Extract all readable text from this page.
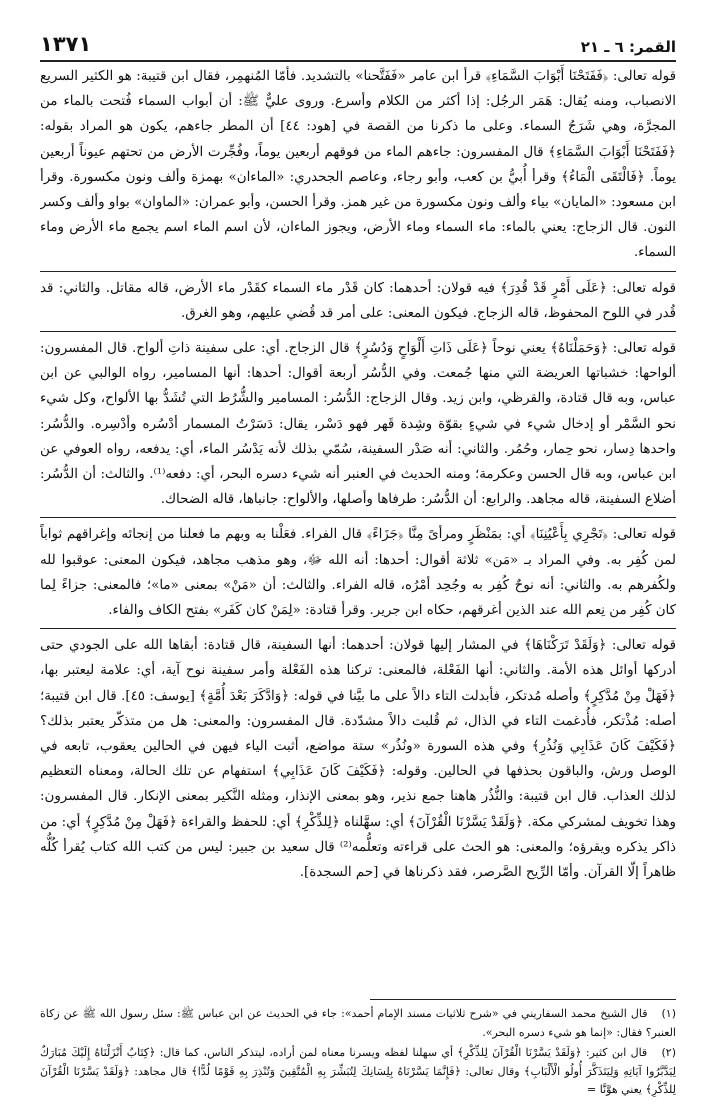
١٣٧١	القمر: ٦ ـ ٢١

قوله تعالى: ﴿فَفَتَحْنَا أَبْوَابَ السَّمَاءِ﴾ قرأ ابن عامر «فَفَتَّحنا» بالتشديد. فأمّا المُنهمِر، فقال ابن قتيبة: هو الكثير السريع الانصباب، ومنه يُقال: هَمَر الرجُل: إذا أكثر من الكلام وأسرع. وروى عليٌّ ﷺ: أن أبواب السماء فُتحت بالماء من المجرَّة، وهي شَرَجُ السماء. وعلى ما ذكرنا من القصة في [هود: ٤٤] أن المطر جاءهم، يكون هو المراد بقوله: ﴿فَفَتَحْنَا أَبْوَابَ السَّمَاءِ﴾ قال المفسرون: جاءهم الماء من فوقهم أربعين يوماً، وفُجِّرت الأرض من تحتهم عيوناً أربعين يوماً. ﴿فَالْتَقَى الْمَاءُ﴾ وقرأ أُبيُّ بن كعب، وأبو رجاء، وعاصم الجحدري: «الماءان» بهمزة وألف ونون مكسورة. وقرأ ابن مسعود: «المايان» بياء وألف ونون مكسورة من غير همز. وقرأ الحسن، وأبو عمران: «الماوان» بواو وألف وكسر النون. قال الزجاج: يعني بالماء: ماء السماء وماء الأرض، ويجوز الماءان، لأن اسم الماء اسم يجمع ماء الأرض وماء السماء.

قوله تعالى: ﴿عَلَى أَمْرٍ قَدْ قُدِرَ﴾ فيه قولان: أحدهما: كان قَدْر ماء السماء كقَدْر ماء الأرض، قاله مقاتل. والثاني: قد قُدر في اللوح المحفوظ، قاله الزجاج. فيكون المعنى: على أمر قد قُضي عليهم، وهو الغرق.

قوله تعالى: ﴿وَحَمَلْنَاهُ﴾ يعني نوحاً ﴿عَلَى ذَاتِ أَلْوَاحٍ وَدُسُرٍ﴾ قال الزجاج. أي: على سفينة ذاتِ ألواح. قال المفسرون: ألواحها: خشباتها العريضة التي منها جُمعت. وفي الدُّسُر أربعة أقوال: أحدها: أنها المسامير، رواه الوالبي عن ابن عباس، وبه قال قتادة، والقرظي، وابن زيد. وقال الزجاج: الدُّسُر: المسامير والشُّرُط التي تُشَدُّ بها الألواح، وكل شيء نحو السَّمْر أو إدخال شيء في شيءٍ بقوّة وشِدة قَهر فهو دَسْر، يقال: دَسَرْتُ المسمار أدْسُره وأدْسِره. والدُّسُر: واحدها دِسار، نحو حِمار، وحُمُر. والثاني: أنه صَدْر السفينة، سُمّي بذلك لأنه يَدْسُر الماء، أي: يدفعه، رواه العوفي عن ابن عباس، وبه قال الحسن وعكرمة؛ ومنه الحديث في العنبر أنه شيء دسره البحر، أي: دفعه⁽¹⁾. والثالث: أن الدُّسُر: أضلاع السفينة، قاله مجاهد. والرابع: أن الدُّسُر: طرفاها وأصلها، والألواح: جانباها، قاله الضحاك.

قوله تعالى: ﴿تَجْرِي بِأَعْيُنِنَا﴾ أي: بمَنْظَرٍ ومرأىً مِنَّا ﴿جَزَاءً﴾ قال الفراء. فعَلْنا به وبهم ما فعلنا من إنجائه وإغراقهم ثواباً لمن كُفِر به. وفي المراد بـ «مَن» ثلاثة أقوال: أحدها: أنه الله ﷻ، وهو مذهب مجاهد، فيكون المعنى: عوقبوا لله ولكُفرهم به. والثاني: أنه نوحٌ كُفِر به وجُحِد أمْرُه، قاله الفراء. والثالث: أن «مَنْ» بمعنى «ما»؛ فالمعنى: جزاءً لِما كان كُفِر من نِعم الله عند الذين أغرقهم، حكاه ابن جرير. وقرأ قتادة: «لِمَنْ كان كَفَر» بفتح الكاف والفاء.

قوله تعالى: ﴿وَلَقَدْ تَرَكْنَاهَا﴾ في المشار إليها قولان: أحدهما: أنها السفينة، قال قتادة: أبقاها الله على الجودي حتى أدركها أوائل هذه الأمة. والثاني: أنها الفَعْلة، فالمعنى: تركنا هذه الفَعْلة وأمر سفينة نوح آية، أي: علامة ليعتبر بها، ﴿فَهَلْ مِنْ مُدَّكِرٍ﴾ وأصله مُدتكر، فأبدلت التاء دالاً على ما بيَّنا في قوله: ﴿وَادَّكَرَ بَعْدَ أُمَّةٍ﴾ [يوسف: ٤٥]. قال ابن قتيبة؛ أصله: مُذْتكر، فأُدغمت التاء في الذال، ثم قُلبت دالاً مشدّدة. قال المفسرون: والمعنى: هل من متذكّر يعتبر بذلك؟ ﴿فَكَيْفَ كَانَ عَذَابِي وَنُذُرِ﴾ وفي هذه السورة «ونُذُر» ستة مواضع، أثبت الياء فيهن في الحالين يعقوب، تابعه في الوصل ورش، والباقون بحذفها في الحالين. وقوله: ﴿فَكَيْفَ كَانَ عَذَابِي﴾ استفهام عن تلك الحالة، ومعناه التعظيم لذلك العذاب. قال ابن قتيبة: والنُّذُر هاهنا جمع نذير، وهو بمعنى الإنذار، ومثله النَّكير بمعنى الإنكار. قال المفسرون: وهذا تخويف لمشركي مكة. ﴿وَلَقَدْ يَسَّرْنَا الْقُرْآنَ﴾ أي: سهَّلناه ﴿لِلذِّكْرِ﴾ أي: للحفظ والقراءة ﴿فَهَلْ مِنْ مُدَّكِرٍ﴾ أي: من ذاكر يذكره ويقرؤه؛ والمعنى: هو الحث على قراءته وتعلُّمه⁽²⁾ قال سعيد بن جبير: ليس من كتب الله كتاب يُقرأ كُلُّه ظاهراً إلّا القرآن. وأمّا الرِّيح الصَّرصر، فقد ذكرناها في [حم السجدة].

(١) قال الشيخ محمد السفاريني في «شرح ثلاثيات مسند الإمام أحمد»: جاء في الحديث عن ابن عباس ﷺ: سئل رسول الله ﷺ عن زكاة العنبر؟ فقال: «إنما هو شيء دسره البحر».

(٢) قال ابن كثير: ﴿وَلَقَدْ يَسَّرْنَا الْقُرْآنَ لِلذِّكْرِ﴾ أي سهلنا لفظه ويسرنا معناه لمن أراده، ليتذكر الناس، كما قال: ﴿كِتَابٌ أَنْزَلْنَاهُ إِلَيْكَ مُبَارَكٌ لِيَدَّبَّرُوا آيَاتِهِ وَلِيَتَذَكَّرَ أُولُو الْأَلْبَابِ﴾ وقال تعالى: ﴿فَإِنَّمَا يَسَّرْنَاهُ بِلِسَانِكَ لِتُبَشِّرَ بِهِ الْمُتَّقِينَ وَتُنْذِرَ بِهِ قَوْمًا لُدًّا﴾ قال مجاهد: ﴿وَلَقَدْ يَسَّرْنَا الْقُرْآنَ لِلذِّكْرِ﴾ يعني هوَّنَّا =
